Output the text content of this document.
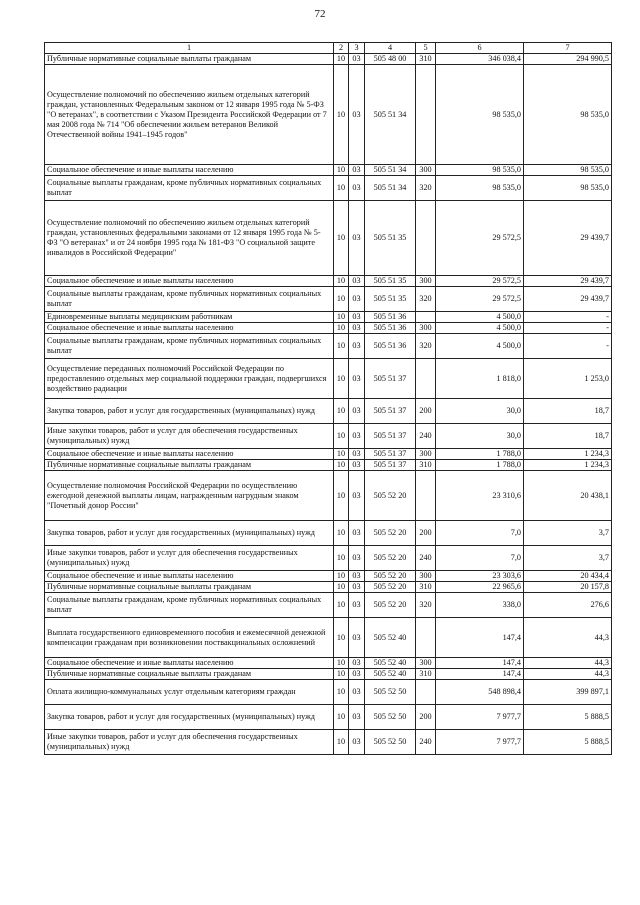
72
1	2	3	4	5	6	7
Публичные нормативные социальные выплаты гражданам	10	03	505 48 00	310	346 038,4	294 990,5
Осуществление полномочий по обеспечению жильем отдельных категорий граждан, установленных Федеральным законом от 12 января 1995 года № 5-ФЗ "О ветеранах", в соответствии с Указом Президента Российской Федерации от 7 мая 2008 года № 714 "Об обеспечении жильем ветеранов Великой Отечественной войны 1941–1945 годов"	10	03	505 51 34		98 535,0	98 535,0
Социальное обеспечение и иные выплаты населению	10	03	505 51 34	300	98 535,0	98 535,0
Социальные выплаты гражданам, кроме публичных нормативных социальных выплат	10	03	505 51 34	320	98 535,0	98 535,0
Осуществление полномочий по обеспечению жильем отдельных категорий граждан, установленных федеральными законами от 12 января 1995 года № 5-ФЗ "О ветеранах" и от 24 ноября 1995 года № 181-ФЗ "О социальной защите инвалидов в Российской Федерации"	10	03	505 51 35		29 572,5	29 439,7
Социальное обеспечение и иные выплаты населению	10	03	505 51 35	300	29 572,5	29 439,7
Социальные выплаты гражданам, кроме публичных нормативных социальных выплат	10	03	505 51 35	320	29 572,5	29 439,7
Единовременные выплаты медицинским работникам	10	03	505 51 36		4 500,0	-
Социальное обеспечение и иные выплаты населению	10	03	505 51 36	300	4 500,0	-
Социальные выплаты гражданам, кроме публичных нормативных социальных выплат	10	03	505 51 36	320	4 500,0	-
Осуществление переданных полномочий Российской Федерации по предоставлению отдельных мер социальной поддержки граждан, подвергшихся воздействию радиации	10	03	505 51 37		1 818,0	1 253,0
Закупка товаров, работ и услуг для государственных (муниципальных) нужд	10	03	505 51 37	200	30,0	18,7
Иные закупки товаров, работ и услуг для обеспечения государственных (муниципальных) нужд	10	03	505 51 37	240	30,0	18,7
Социальное обеспечение и иные выплаты населению	10	03	505 51 37	300	1 788,0	1 234,3
Публичные нормативные социальные выплаты гражданам	10	03	505 51 37	310	1 788,0	1 234,3
Осуществление полномочия Российской Федерации по осуществлению ежегодной денежной выплаты лицам, награжденным нагрудным знаком "Почетный донор России"	10	03	505 52 20		23 310,6	20 438,1
Закупка товаров, работ и услуг для государственных (муниципальных) нужд	10	03	505 52 20	200	7,0	3,7
Иные закупки товаров, работ и услуг для обеспечения государственных (муниципальных) нужд	10	03	505 52 20	240	7,0	3,7
Социальное обеспечение и иные выплаты населению	10	03	505 52 20	300	23 303,6	20 434,4
Публичные нормативные социальные выплаты гражданам	10	03	505 52 20	310	22 965,6	20 157,8
Социальные выплаты гражданам, кроме публичных нормативных социальных выплат	10	03	505 52 20	320	338,0	276,6
Выплата государственного единовременного пособия и ежемесячной денежной компенсации гражданам при возникновении поствакцинальных осложнений	10	03	505 52 40		147,4	44,3
Социальное обеспечение и иные выплаты населению	10	03	505 52 40	300	147,4	44,3
Публичные нормативные социальные выплаты гражданам	10	03	505 52 40	310	147,4	44,3
Оплата жилищно-коммунальных услуг отдельным категориям граждан	10	03	505 52 50		548 898,4	399 897,1
Закупка товаров, работ и услуг для государственных (муниципальных) нужд	10	03	505 52 50	200	7 977,7	5 888,5
Иные закупки товаров, работ и услуг для обеспечения государственных (муниципальных) нужд	10	03	505 52 50	240	7 977,7	5 888,5
